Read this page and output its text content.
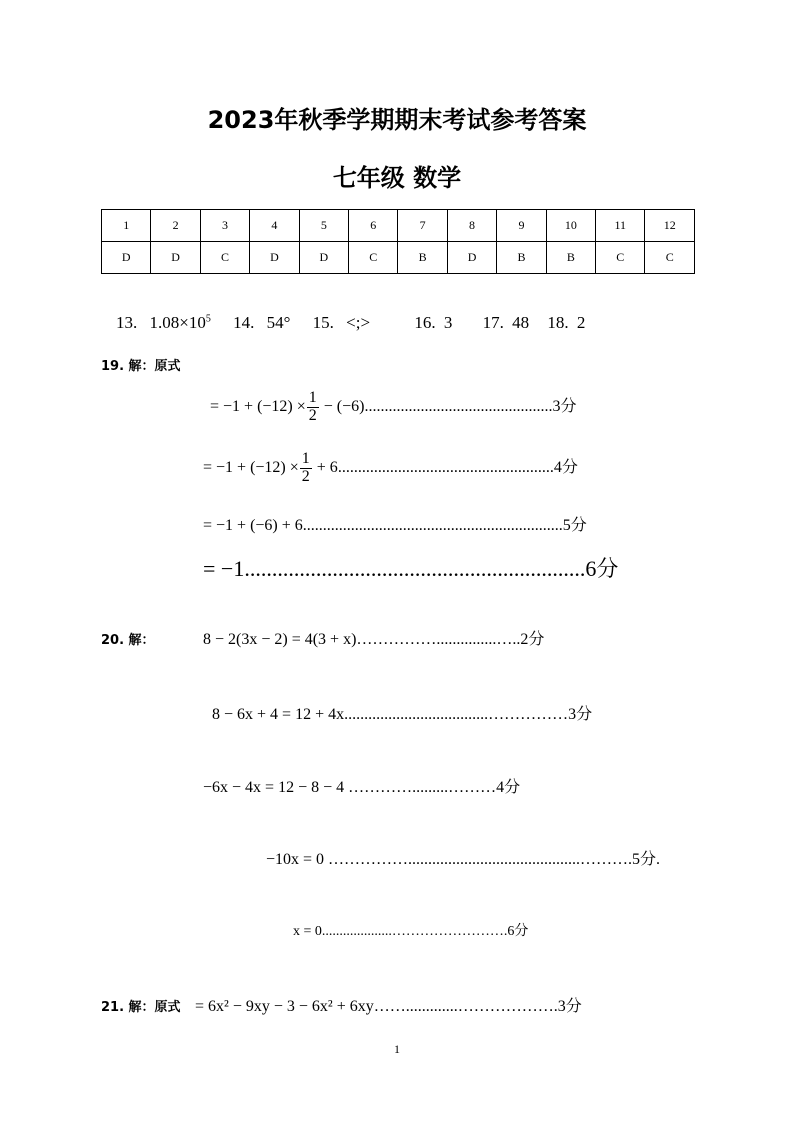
2023年秋季学期期末考试参考答案
七年级 数学
1	2	3	4	5	6	7	8	9	10	11	12
D	D	C	D	D	C	B	D	B	B	C	C
13. $1.08\times 10^5$ 14. 54° 15. <;>	16. 3 17. 48 18. 2
19. 解：原式
= $-1 + (-12) \times \frac{1}{2} - (-6)...............................................3$分
= $-1 + (-12) \times \frac{1}{2} + 6......................................................4$分
= −1 + (−6) + 6.................................................................5分
= −1..............................................................6分
20. 解：	8 − 2(3x − 2) = 4(3 + x)……………...............…..2分
8 − 6x + 4 = 12 + 4x....................................……………3分
−6x − 4x = 12 − 8 − 4 ………….........………4分
−10x = 0 ……………...........................................……….5分.
x = 0....................…………………….6分
21. 解：原式 = 6x² − 9xy − 3 − 6x² + 6xy…….............……………….3分
1
